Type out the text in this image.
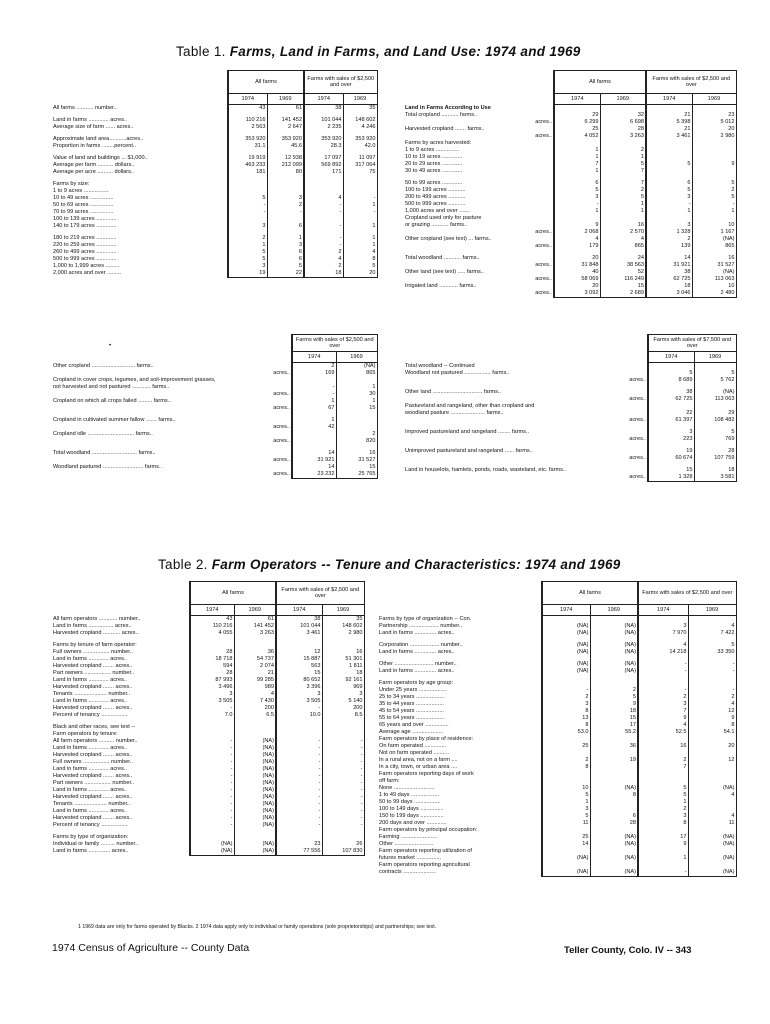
Table 1. Farms, Land in Farms, and Land Use: 1974 and 1969
	All farms		Farms with sales of $2,500 and over	
	1974	1969	1974	1969
All farms ........... number..	43	61	38	35

Land in farms ............. acres..	110 216	141 452	101 044	148 602
Average size of farm ...... acres..	2 563	2 647	2 235	4 246

Approximate land area...........acres..	353 920	353 920	353 920	353 920
Proportion in farms ........percent..	31.1	45.6	28.3	42.0

Value of land and buildings ... $1,000..	19 919	12 938	17 097	11 097
Average per farm .......... dollars..	463 233	212 099	569 892	317 064
Average per acre .......... dollars..	181	80	171	75

Farms by size:				
1 to 9 acres ................				
10 to 49 acres ...............	5	3	4	-
50 to 69 acres ...............	-	2	-	1
70 to 99 acres ...............	-	-	-	-
100 to 139 acres .............				
140 to 179 acres .............	3	6	-	1

180 to 219 acres .............	2	1	-	1
220 to 259 acres .............	1	3	-	1
260 to 499 acres .............	5	6	2	4
500 to 999 acres .............	5	6	4	8
1,000 to 1,999 acres .........	3	5	2	5
2,000 acres and over .........	19	22	18	20
	All farms		Farms with sales of $2,500 and over	
	1974	1969	1974	1969
Land in Farms According to Use				
Total cropland ........... farms..	29	32	21	23
acres..	6 299	6 698	5 398	5 012
Harvested cropland ....... farms..	25	28	21	20
acres..	4 052	3 263	3 461	2 980
Farms by acres harvested:				
1 to 9 acres ...............	1	2		
10 to 19 acres .............	1	1		
20 to 29 acres .............	7	5	5	9
30 to 49 acres .............	1	7		

50 to 99 acres .............	6	7	6	5
100 to 199 acres ...........	5	2	5	2
200 to 499 acres ...........	3	5	3	5
500 to 999 acres ...........	-	1	-	-
1,000 acres and over .......	1	1	1	1
Cropland used only for pasture				
or grazing ........... farms..	9	16	3	10
acres..	2 068	2 570	1 328	1 167
Other cropland (see text) ... farms..	4	4	2	(NA)
acres..	179	865	139	865

Total woodland ........... farms..	20	24	14	16
acres..	31 848	38 563	31 921	31 527
Other land (see text) ..... farms..	40	52	38	(NA)
acres..	58 069	116 249	62 725	113 063
Irrigated land ............ farms..	20	15	18	10
acres..	3 092	2 689	3 046	2 480
•
	Farms with sales of $2,500 and over	
	1974	1969
Other cropland ............................ farms..	2	(NA)
acres..	169	865
Cropland in cover crops, legumes, and soil-improvement grasses,		
not harvested and not pastured ............ farms..	-	1
acres..	-	30
Cropland on which all crops failed ......... farms..	1	1
acres..	67	15

Cropland in cultivated summer fallow ....... farms..	1	
acres..	42	
Cropland idle .............................. farms..		2
acres..		820

Total woodland ............................. farms..	14	16
acres..	31 921	31 527
Woodland pastured .......................... farms..	14	15
acres..	23 232	25 765
	Farms with sales of $7,500 and over	
	1974	1969
Total woodland -- Continued		
Woodland not pastured ................. farms..	5	5
acres..	8 689	5 762

Other land ................................ farms..	38	(NA)
acres..	62 725	113 063
Pastureland and rangeland, other than cropland and		
woodland pasture ...................... farms..	22	29
acres..	61 397	108 482

Improved pastureland and rangeland ........ farms..	3	5
acres..	223	769

Unimproved pastureland and rangeland ...... farms..	19	28
acres..	60 674	107 759

Land in houselots, hamlets, ponds, roads, wasteland, etc. farms..	15	18
acres..	1 328	3 581
Table 2. Farm Operators -- Tenure and Characteristics: 1974 and 1969
	All farms		Farms with sales of $2,500 and over	
	1974	1969	1974	1969
All farm operators ............ number..	43	61	38	35
Land in farms ................ acres..	110 216	141 452	101 044	148 602
Harvested cropland ........... acres..	4 055	3 263	3 461	2 980

Farms by tenure of farm operator:				
Full owners ................. number..	28	36	12	16
Land in farms ............. acres..	18 718	54 737	15 887	51 301
Harvested cropland ....... acres..	594	2 074	563	1 811
Part owners ................. number..	28	21	15	18
Land in farms ............. acres..	87 993	99 285	80 652	92 161
Harvested cropland ....... acres..	3 496	989	3 396	969
Tenants ..................... number..	3	4	3	3
Land in farms ............. acres..	3 505	7 430	3 505	5 140
Harvested cropland ....... acres..	-	200	-	200
Percent of tenancy .................	7.0	6.5	10.0	8.5

Black and other races, see text --				
Farm operators by tenure:				
All farm operators .......... number..	-	(NA)	-	-
Land in farms ............. acres..	-	(NA)	-	-
Harvested cropland ....... acres..	-	(NA)	-	-
Full owners ................. number..	-	(NA)	-	-
Land in farms ............. acres..	-	(NA)	-	-
Harvested cropland ....... acres..	-	(NA)	-	-
Part owners ................. number..	-	(NA)	-	-
Land in farms ............. acres..	-	(NA)	-	-
Harvested cropland ....... acres..	-	(NA)	-	-
Tenants ..................... number..	-	(NA)	-	-
Land in farms ............. acres..	-	(NA)	-	-
Harvested cropland ....... acres..	-	(NA)	-	-
Percent of tenancy .................	-	(NA)	-	-

Farms by type of organization:				
Individual or family ......... number..	(NA)	(NA)	23	26
Land in farms .............. acres..	(NA)	(NA)	77 556	107 830
	All farms		Farms with sales of $2,500 and over	
	1974	1969	1974	1969
Farms by type of organization -- Con.				
Partnership ................... number..	(NA)	(NA)	3	4
Land in farms .............. acres..	(NA)	(NA)	7 970	7 422

Corporation ................... number..	(NA)	(NA)	4	5
Land in farms .............. acres..	(NA)	(NA)	14 218	33 350

Other ......................... number..	(NA)	(NA)	-	-
Land in farms .............. acres..	(NA)	(NA)	-	-

Farm operators by age group:				
Under 25 years ..................	-	2	-	-
25 to 34 years ..................	2	5	2	2
35 to 44 years ..................	3	9	3	4
45 to 54 years ..................	8	18	7	12
55 to 64 years ..................	13	15	9	9
65 years and over ...............	8	17	4	8
Average age ....................	53.0	55.2	52.5	54.1
Farm operators by place of residence:				
On farm operated ..............	25	36	16	20
Not on farm operated ..........				
In a rural area, not on a farm ....	2	19	2	12
In a city, town, or urban area ....	8		7	
Farm operators reporting days of work				
off farm:				
None ..........................	10	(NA)	5	(NA)
1 to 49 days ..................	5	8	5	4
50 to 99 days .................	1		1	
100 to 149 days ...............	3		2	
150 to 199 days ...............	5	6	3	4
200 days and over .............	11	28	8	11
Farm operators by principal occupation:				
Farming .......................	25	(NA)	17	(NA)
Other .........................	14	(NA)	9	(NA)
Farm operators reporting utilization of				
futures market ................	(NA)	(NA)	1	(NA)
Farm operators reporting agricultural				
contracts .....................	(NA)	(NA)	-	(NA)
1 1969 data are only for farms operated by Blacks. 2 1974 data apply only to individual or family operations (sole proprietorships) and partnerships; see text.
1974 Census of Agriculture -- County Data	Teller County, Colo. IV -- 343
